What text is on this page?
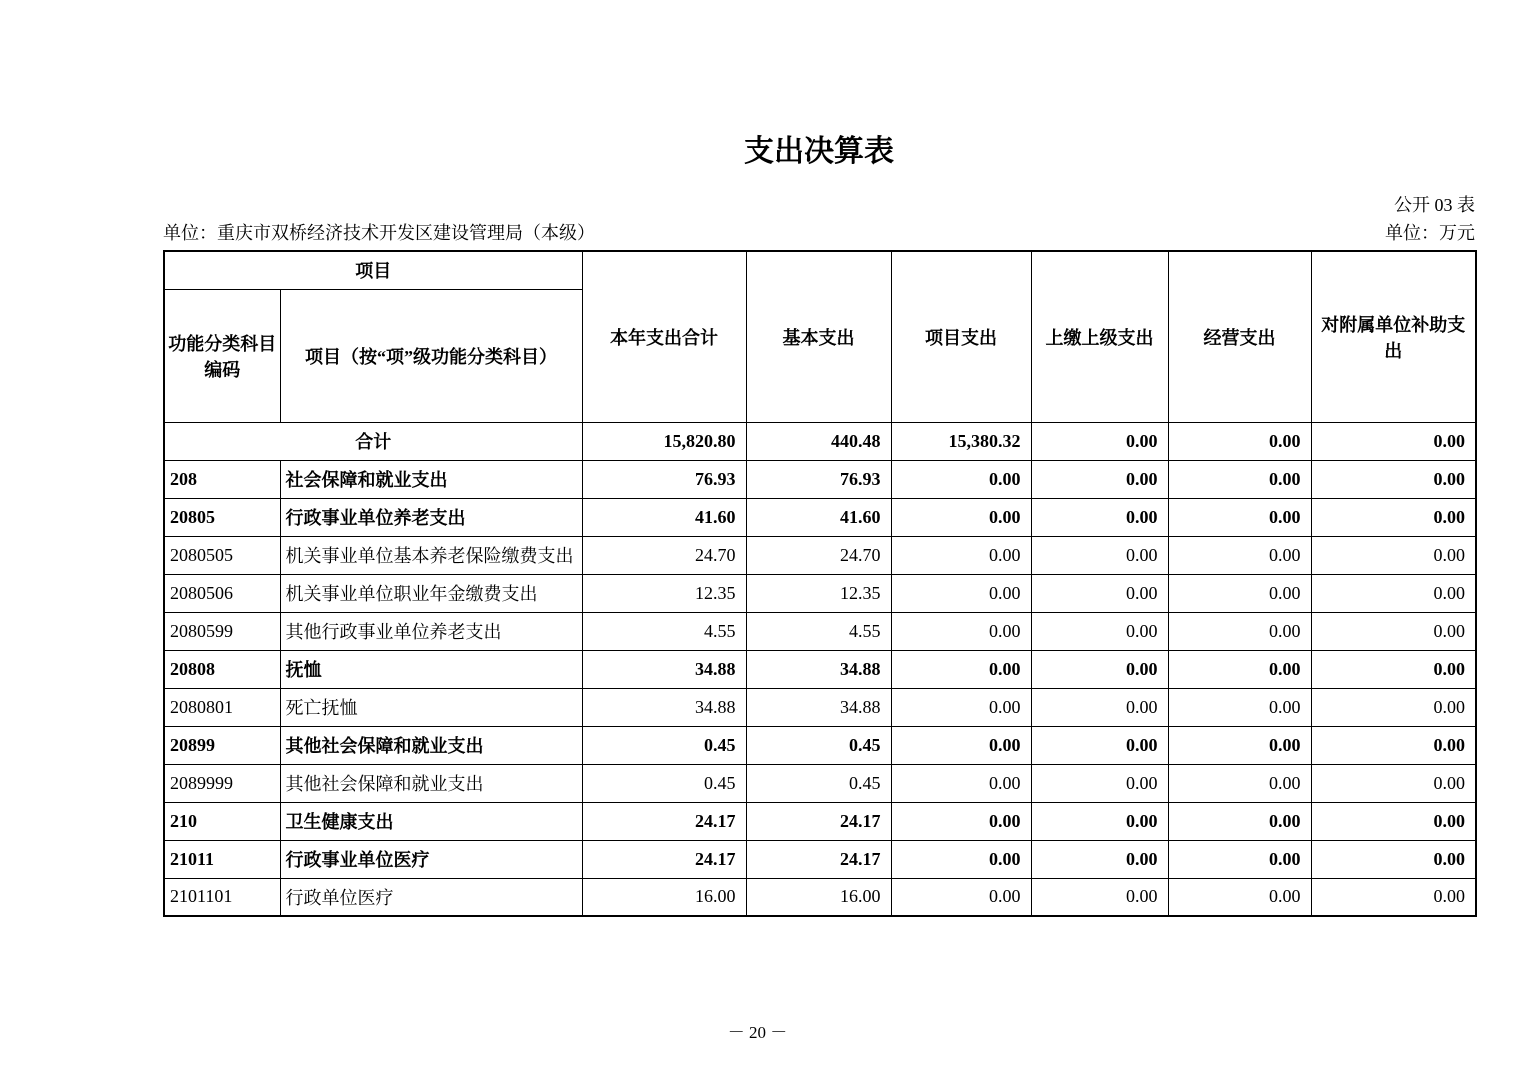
支出决算表
公开 03 表
单位：重庆市双桥经济技术开发区建设管理局（本级）	单位：万元
项目		本年支出合计	基本支出	项目支出	上缴上级支出	经营支出	对附属单位补助支出
功能分类科目编码	项目（按“项”级功能分类科目）						
合计		15,820.80	440.48	15,380.32	0.00	0.00	0.00
208	社会保障和就业支出	76.93	76.93	0.00	0.00	0.00	0.00
20805	行政事业单位养老支出	41.60	41.60	0.00	0.00	0.00	0.00
2080505	机关事业单位基本养老保险缴费支出	24.70	24.70	0.00	0.00	0.00	0.00
2080506	机关事业单位职业年金缴费支出	12.35	12.35	0.00	0.00	0.00	0.00
2080599	其他行政事业单位养老支出	4.55	4.55	0.00	0.00	0.00	0.00
20808	抚恤	34.88	34.88	0.00	0.00	0.00	0.00
2080801	死亡抚恤	34.88	34.88	0.00	0.00	0.00	0.00
20899	其他社会保障和就业支出	0.45	0.45	0.00	0.00	0.00	0.00
2089999	其他社会保障和就业支出	0.45	0.45	0.00	0.00	0.00	0.00
210	卫生健康支出	24.17	24.17	0.00	0.00	0.00	0.00
21011	行政事业单位医疗	24.17	24.17	0.00	0.00	0.00	0.00
2101101	行政单位医疗	16.00	16.00	0.00	0.00	0.00	0.00
－ 20 －
